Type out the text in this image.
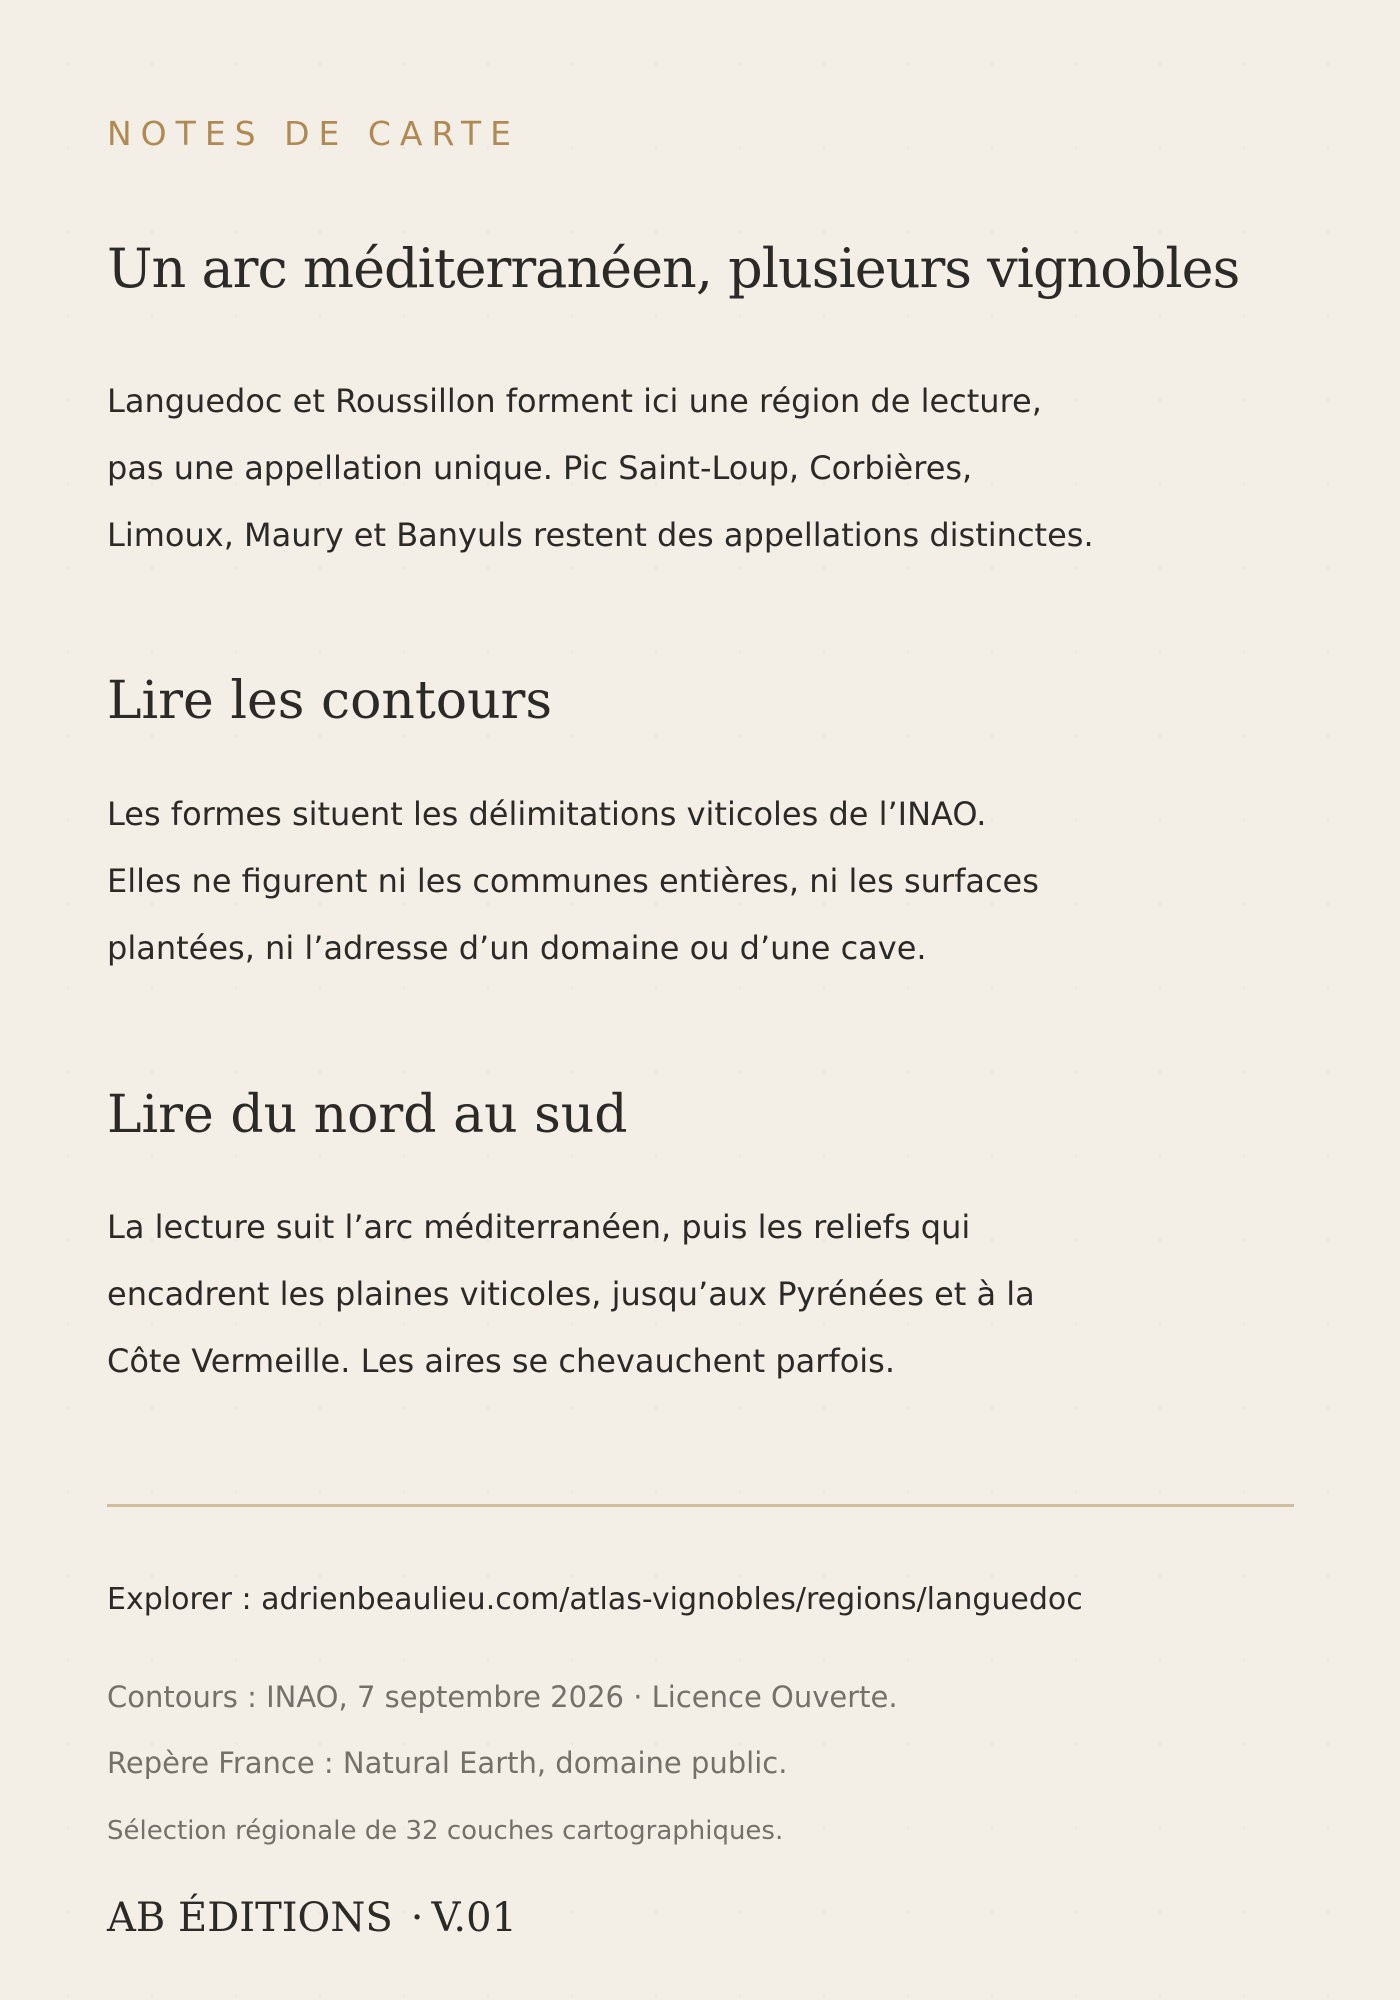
NOTES DE CARTE
Un arc méditerranéen, plusieurs vignobles

Languedoc et Roussillon forment ici une région de lecture,
pas une appellation unique. Pic Saint-Loup, Corbières,
Limoux, Maury et Banyuls restent des appellations distinctes.

Lire les contours

Les formes situent les délimitations viticoles de l’INAO.
Elles ne figurent ni les communes entières, ni les surfaces
plantées, ni l’adresse d’un domaine ou d’une cave.

Lire du nord au sud

La lecture suit l’arc méditerranéen, puis les reliefs qui
encadrent les plaines viticoles, jusqu’aux Pyrénées et à la
Côte Vermeille. Les aires se chevauchent parfois.

Explorer : adrienbeaulieu.com/atlas-vignobles/regions/languedoc
Contours : INAO, 7 septembre 2026 · Licence Ouverte.
Repère France : Natural Earth, domaine public.
Sélection régionale de 32 couches cartographiques.
AB ÉDITIONS · V.01
